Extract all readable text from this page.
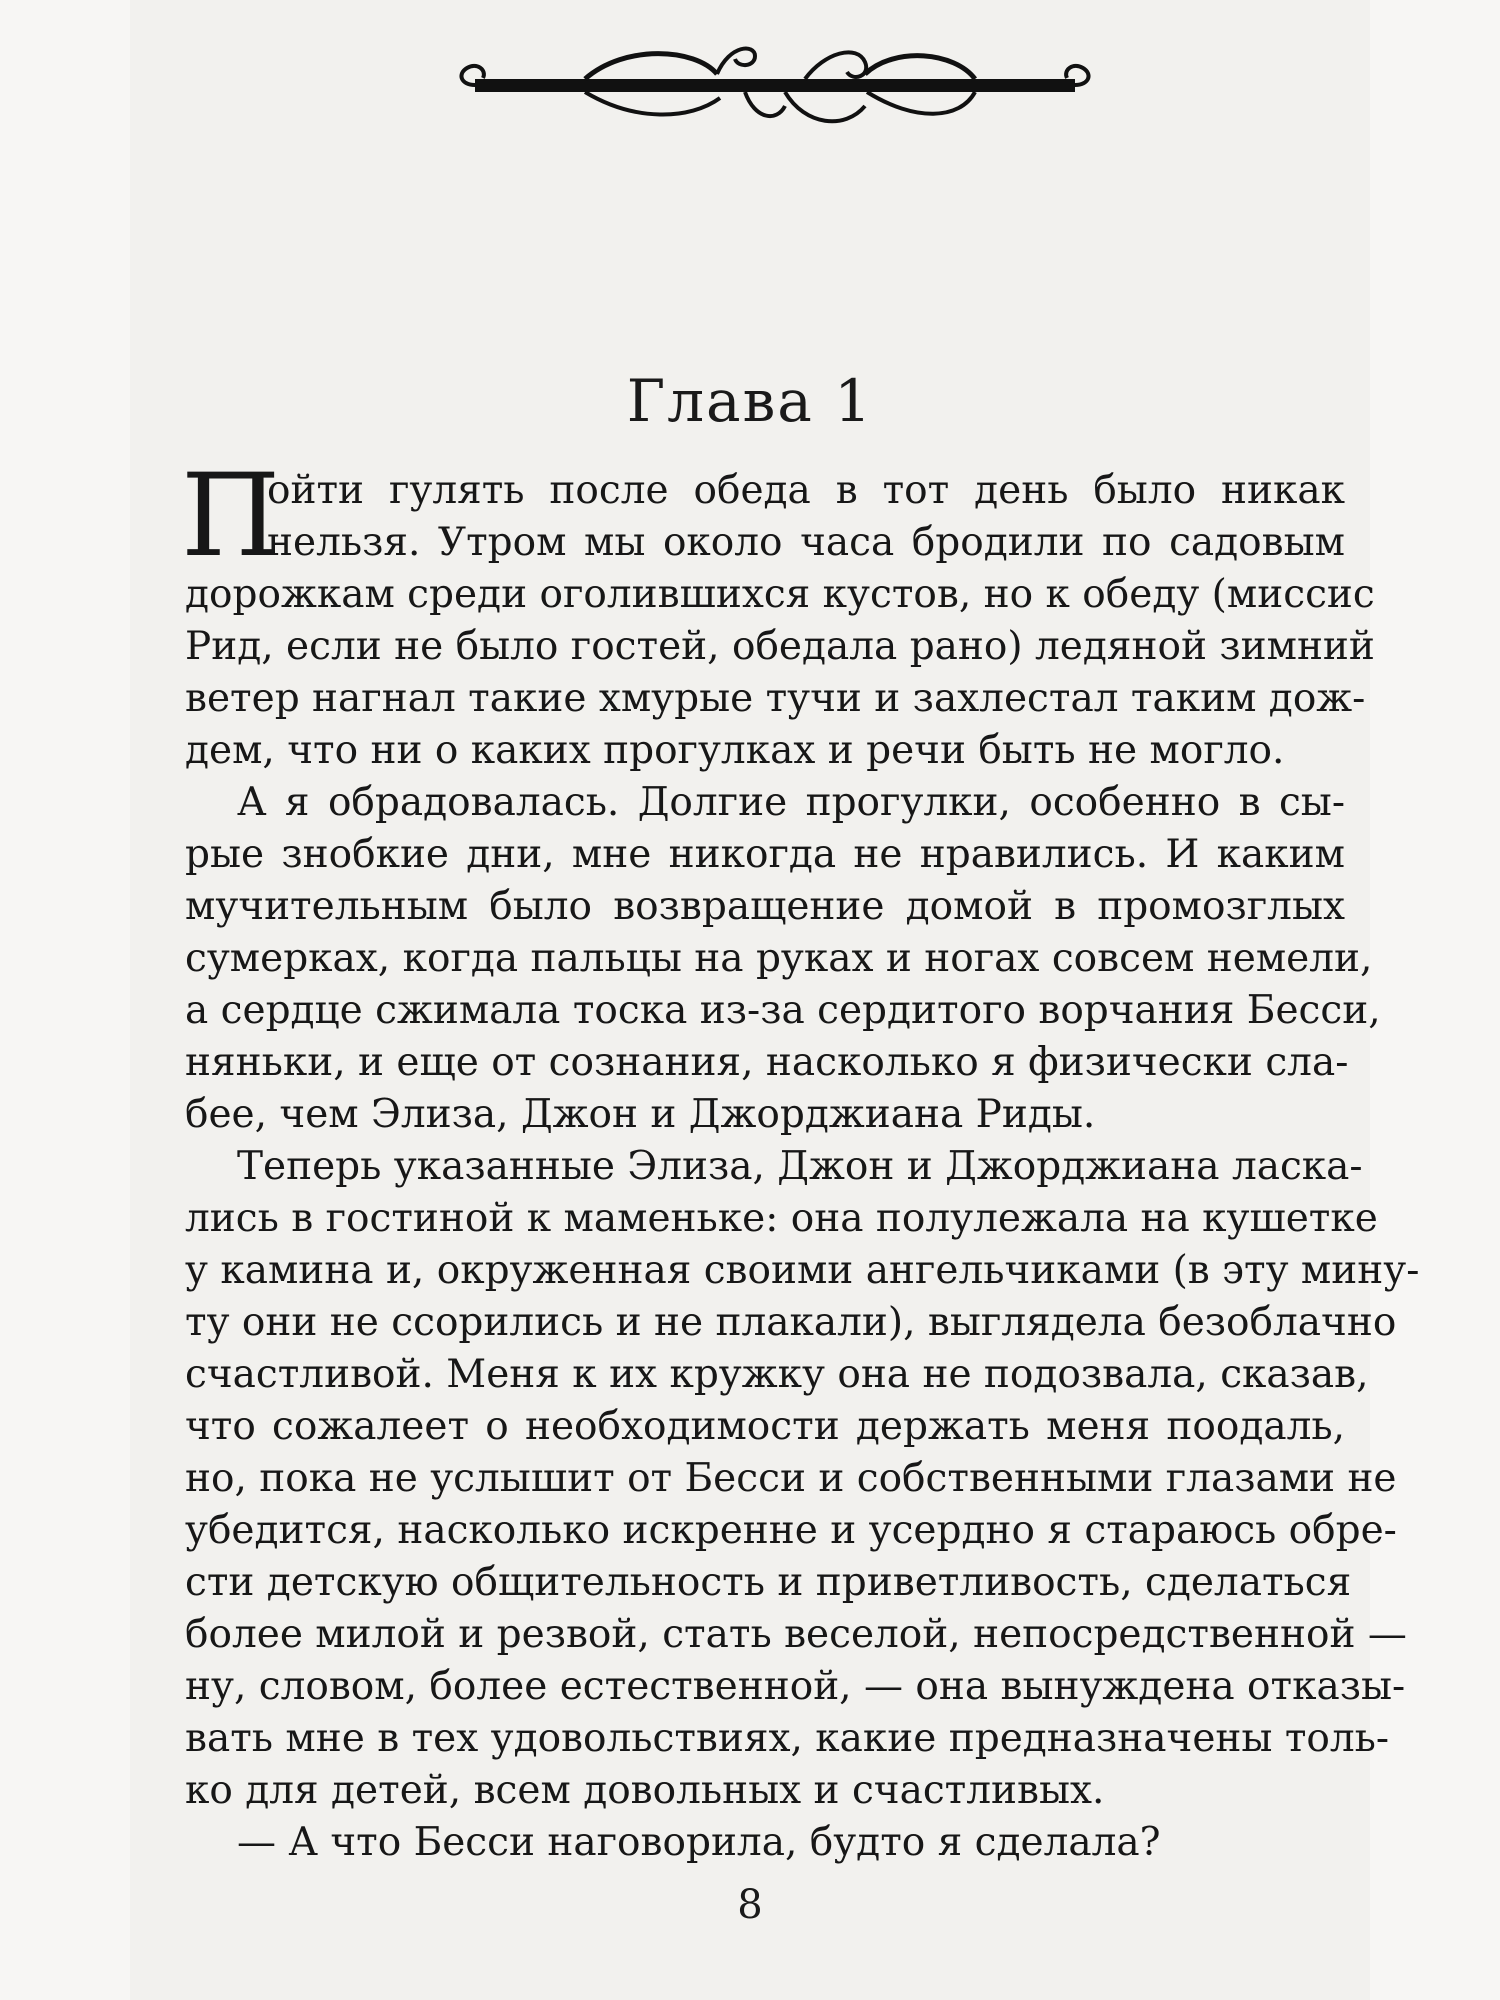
Глава 1
П
ойти гулять после обеда в тот день было никак
нельзя. Утром мы около часа бродили по садовым
дорожкам среди оголившихся кустов, но к обеду (миссис
Рид, если не было гостей, обедала рано) ледяной зимний
ветер нагнал такие хмурые тучи и захлестал таким дож-
дем, что ни о каких прогулках и речи быть не могло.
А я обрадовалась. Долгие прогулки, особенно в сы-
рые знобкие дни, мне никогда не нравились. И каким
мучительным было возвращение домой в промозглых
сумерках, когда пальцы на руках и ногах совсем немели,
а сердце сжимала тоска из-за сердитого ворчания Бесси,
няньки, и еще от сознания, насколько я физически сла-
бее, чем Элиза, Джон и Джорджиана Риды.
Теперь указанные Элиза, Джон и Джорджиана ласка-
лись в гостиной к маменьке: она полулежала на кушетке
у камина и, окруженная своими ангельчиками (в эту мину-
ту они не ссорились и не плакали), выглядела безоблачно
счастливой. Меня к их кружку она не подозвала, сказав,
что сожалеет о необходимости держать меня поодаль,
но, пока не услышит от Бесси и собственными глазами не
убедится, насколько искренне и усердно я стараюсь обре-
сти детскую общительность и приветливость, сделаться
более милой и резвой, стать веселой, непосредственной —
ну, словом, более естественной, — она вынуждена отказы-
вать мне в тех удовольствиях, какие предназначены толь-
ко для детей, всем довольных и счастливых.
— А что Бесси наговорила, будто я сделала?
8
